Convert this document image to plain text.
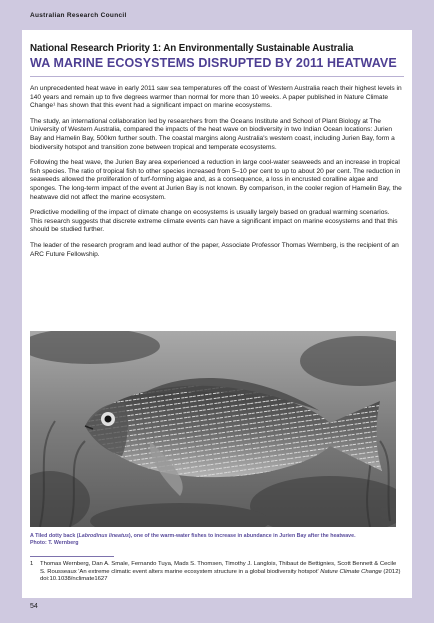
Australian Research Council
National Research Priority 1: An Environmentally Sustainable Australia
WA MARINE ECOSYSTEMS DISRUPTED BY 2011 HEATWAVE

An unprecedented heat wave in early 2011 saw sea temperatures off the coast of Western Australia reach their highest levels in 140 years and remain up to five degrees warmer than normal for more than 10 weeks. A paper published in Nature Climate Change¹ has shown that this event had a significant impact on marine ecosystems.

The study, an international collaboration led by researchers from the Oceans Institute and School of Plant Biology at The University of Western Australia, compared the impacts of the heat wave on biodiversity in two Indian Ocean locations: Jurien Bay and Hamelin Bay, 500km further south. The coastal margins along Australia's western coast, including Jurien Bay, form a biodiversity hotspot and transition zone between tropical and temperate ecosystems.

Following the heat wave, the Jurien Bay area experienced a reduction in large cool-water seaweeds and an increase in tropical fish species. The ratio of tropical fish to other species increased from 5–10 per cent to up to about 20 per cent. The reduction in seaweeds allowed the proliferation of turf-forming algae and, as a consequence, a loss in encrusted coralline algae and sponges. The long-term impact of the event at Jurien Bay is not known. By comparison, in the cooler region of Hamelin Bay, the heatwave did not affect the marine ecosystem.

Predictive modelling of the impact of climate change on ecosystems is usually largely based on gradual warming scenarios. This research suggests that discrete extreme climate events can have a significant impact on marine ecosystems and that this should be studied further.

The leader of the research program and lead author of the paper, Associate Professor Thomas Wernberg, is the recipient of an ARC Future Fellowship.

A Tiled dotty back (Labrodinus lineatus), one of the warm-water fishes to increase in abundance in Jurien Bay after the heatwave.
Photo: T. Wernberg
1	Thomas Wernberg, Dan A. Smale, Fernando Tuya, Mads S. Thomsen, Timothy J. Langlois, Thibaut de Bettignies, Scott Bennett & Cecile S. Rousseaux 'An extreme climatic event alters marine ecosystem structure in a global biodiversity hotspot' Nature Climate Change (2012) doi:10.1038/nclimate1627
54
